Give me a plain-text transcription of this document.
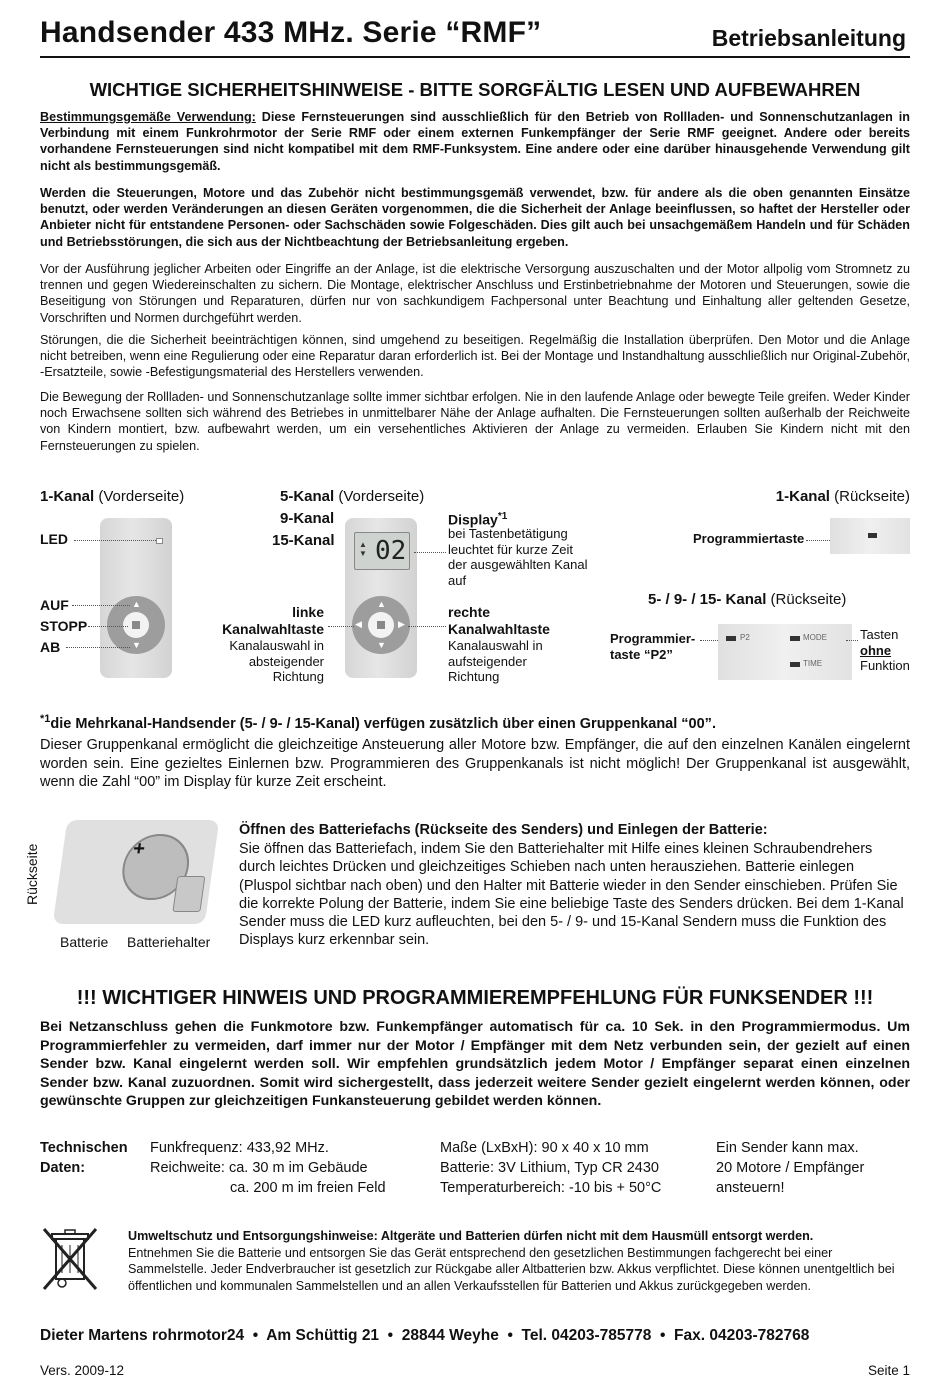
Handsender 433 MHz. Serie “RMF”	Betriebsanleitung
WICHTIGE SICHERHEITSHINWEISE - BITTE SORGFÄLTIG LESEN UND AUFBEWAHREN
Bestimmungsgemäße Verwendung: Diese Fernsteuerungen sind ausschließlich für den Betrieb von Rollladen- und Sonnenschutzanlagen in Verbindung mit einem Funkrohrmotor der Serie RMF oder einem externen Funkempfänger der Serie RMF geeignet. Andere oder bereits vorhandene Fernsteuerungen sind nicht kompatibel mit dem RMF-Funksystem. Eine andere oder eine darüber hinausgehende Verwendung gilt nicht als bestimmungsgemäß.
Werden die Steuerungen, Motore und das Zubehör nicht bestimmungsgemäß verwendet, bzw. für andere als die oben genannten Einsätze benutzt, oder werden Veränderungen an diesen Geräten vorgenommen, die die Sicherheit der Anlage beeinflussen, so haftet der Hersteller oder Anbieter nicht für entstandene Personen- oder Sachschäden sowie Folgeschäden. Dies gilt auch bei unsachgemäßem Handeln und für Schäden und Betriebsstörungen, die sich aus der Nichtbeachtung der Betriebsanleitung ergeben.
Vor der Ausführung jeglicher Arbeiten oder Eingriffe an der Anlage, ist die elektrische Versorgung auszuschalten und der Motor allpolig vom Stromnetz zu trennen und gegen Wiedereinschalten zu sichern. Die Montage, elektrischer Anschluss und Erstinbetriebnahme der Motoren und Steuerungen, sowie die Beseitigung von Störungen und Reparaturen, dürfen nur von sachkundigem Fachpersonal unter Beachtung und Einhaltung aller geltenden Gesetze, Vorschriften und Normen durchgeführt werden.
Störungen, die die Sicherheit beeinträchtigen können, sind umgehend zu beseitigen. Regelmäßig die Installation überprüfen. Den Motor und die Anlage nicht betreiben, wenn eine Regulierung oder eine Reparatur daran erforderlich ist. Bei der Montage und Instandhaltung ausschließlich nur Original-Zubehör, -Ersatzteile, sowie -Befestigungsmaterial des Herstellers verwenden.
Die Bewegung der Rollladen- und Sonnenschutzanlage sollte immer sichtbar erfolgen. Nie in den laufende Anlage oder bewegte Teile greifen. Weder Kinder noch Erwachsene sollten sich während des Betriebes in unmittelbarer Nähe der Anlage aufhalten. Die Fernsteuerungen sollten außerhalb der Reichweite von Kindern montiert, bzw. aufbewahrt werden, um ein versehentliches Aktivieren der Anlage zu vermeiden. Erlauben Sie Kindern nicht mit den Fernsteuerungen zu spielen.
1-Kanal (Vorderseite)
▲
▼
LED
AUF
STOPP
AB
5-Kanal (Vorderseite)
9-Kanal
15-Kanal	▲
▼ 02
▲
▼
◀	▶
Display$^{*1}$
bei Tastenbetätigung leuchtet für kurze Zeit der ausgewählten Kanal auf
linke Kanalwahltaste
Kanalauswahl in absteigender Richtung
rechte Kanalwahltaste
Kanalauswahl in aufsteigender Richtung
1-Kanal (Rückseite)
Programmiertaste
5- / 9- / 15- Kanal (Rückseite)
Programmier-taste “P2”
P2	MODE
TIME
Tasten
ohne
Funktion
$^{*1}$die Mehrkanal-Handsender (5- / 9- / 15-Kanal) verfügen zusätzlich über einen Gruppenkanal “00”.
Dieser Gruppenkanal ermöglicht die gleichzeitige Ansteuerung aller Motore bzw. Empfänger, die auf den einzelnen Kanälen eingelernt worden sein. Eine gezieltes Einlernen bzw. Programmieren des Gruppenkanals ist nicht möglich! Der Gruppenkanal ist ausgewählt, wenn die Zahl “00” im Display für kurze Zeit erscheint.
Rückseite	+
Batterie Batteriehalter
Öffnen des Batteriefachs (Rückseite des Senders) und Einlegen der Batterie:
Sie öffnen das Batteriefach, indem Sie den Batteriehalter mit Hilfe eines kleinen Schraubendrehers durch leichtes Drücken und gleichzeitiges Schieben nach unten herausziehen. Batterie einlegen (Pluspol sichtbar nach oben) und den Halter mit Batterie wieder in den Sender einschieben. Prüfen Sie die korrekte Polung der Batterie, indem Sie eine beliebige Taste des Senders drücken. Bei dem 1-Kanal Sender muss die LED kurz aufleuchten, bei den 5- / 9- und 15-Kanal Sendern muss die Funktion des Displays kurz erkennbar sein.
!!! WICHTIGER HINWEIS UND PROGRAMMIEREMPFEHLUNG FÜR FUNKSENDER !!!
Bei Netzanschluss gehen die Funkmotore bzw. Funkempfänger automatisch für ca. 10 Sek. in den Programmiermodus. Um Programmierfehler zu vermeiden, darf immer nur der Motor / Empfänger mit dem Netz verbunden sein, der gezielt auf einen Sender bzw. Kanal eingelernt werden soll. Wir empfehlen grundsätzlich jedem Motor / Empfänger separat einen einzelnen Sender bzw. Kanal zuzuordnen. Somit wird sichergestellt, dass jederzeit weitere Sender gezielt eingelernt werden können, oder gewünschte Gruppen zur gleichzeitigen Funkansteuerung gebildet werden können.
Technischen	Funkfrequenz: 433,92 MHz.	Maße (LxBxH): 90 x 40 x 10 mm	Ein Sender kann max.
Daten:	Reichweite: ca. 30 m im Gebäude	Batterie: 3V Lithium, Typ CR 2430	20 Motore / Empfänger
	ca. 200 m im freien Feld	Temperaturbereich: -10 bis + 50°C	ansteuern!
Umweltschutz und Entsorgungshinweise: Altgeräte und Batterien dürfen nicht mit dem Hausmüll entsorgt werden.
Entnehmen Sie die Batterie und entsorgen Sie das Gerät entsprechend den gesetzlichen Bestimmungen fachgerecht bei einer Sammelstelle. Jeder Endverbraucher ist gesetzlich zur Rückgabe aller Altbatterien bzw. Akkus verpflichtet. Diese können unentgeltlich bei öffentlichen und kommunalen Sammelstellen und an allen Verkaufsstellen für Batterien und Akkus zurückgegeben werden.
Dieter Martens rohrmotor24  •  Am Schüttig 21  •  28844 Weyhe  •  Tel. 04203-785778  •  Fax. 04203-782768
Vers. 2009-12	Seite 1
